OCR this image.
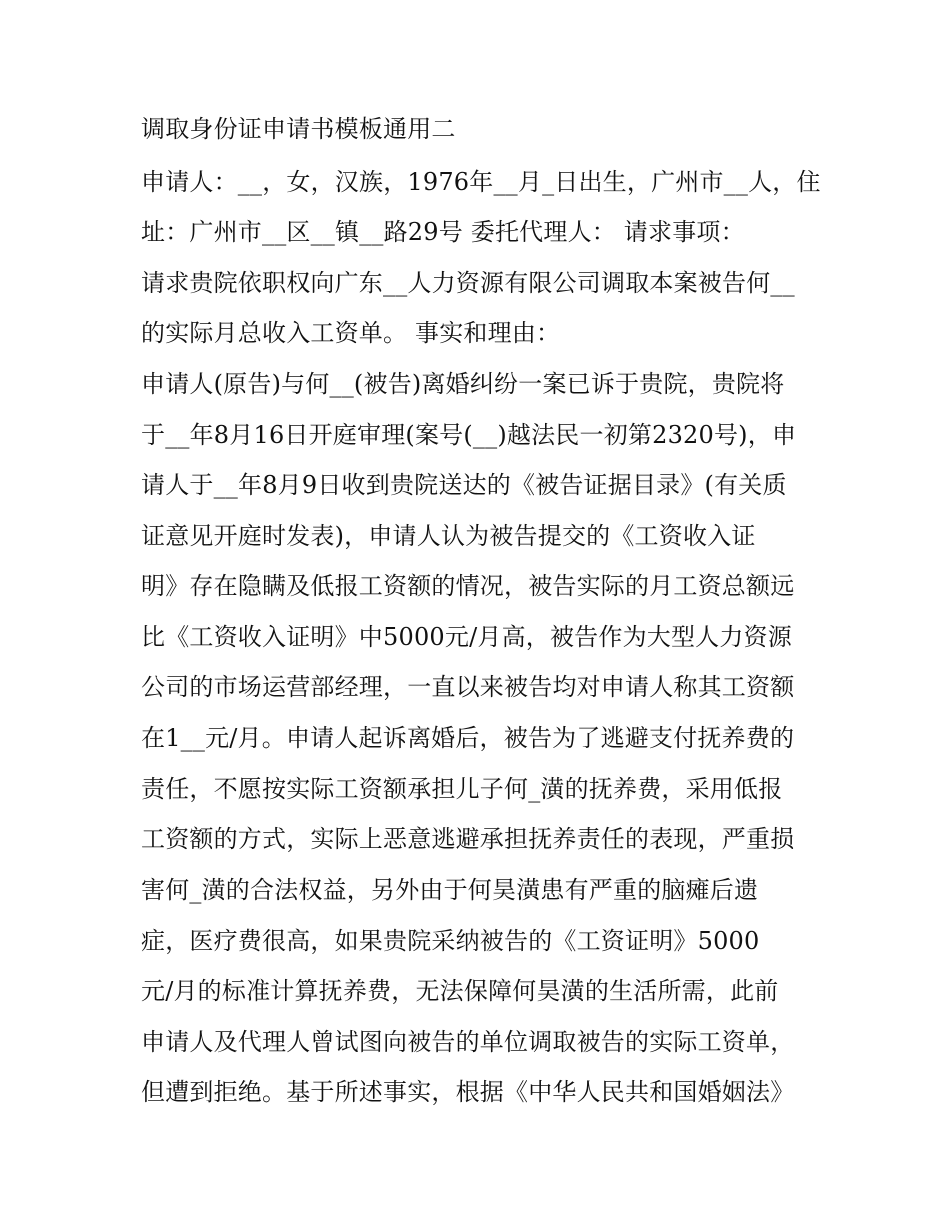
调取身份证申请书模板通用二
申请人：__，女，汉族，1976年__月_日出生，广州市__人，住
址：广州市__区__镇__路29号 委托代理人： 请求事项：
请求贵院依职权向广东__人力资源有限公司调取本案被告何__
的实际月总收入工资单。 事实和理由：
申请人(原告)与何__(被告)离婚纠纷一案已诉于贵院，贵院将
于__年8月16日开庭审理(案号(__)越法民一初第2320号)，申
请人于__年8月9日收到贵院送达的《被告证据目录》(有关质
证意见开庭时发表)，申请人认为被告提交的《工资收入证
明》存在隐瞒及低报工资额的情况，被告实际的月工资总额远
比《工资收入证明》中5000元/月高，被告作为大型人力资源
公司的市场运营部经理，一直以来被告均对申请人称其工资额
在1__元/月。申请人起诉离婚后，被告为了逃避支付抚养费的
责任，不愿按实际工资额承担儿子何_潢的抚养费，采用低报
工资额的方式，实际上恶意逃避承担抚养责任的表现，严重损
害何_潢的合法权益，另外由于何昊潢患有严重的脑瘫后遗
症，医疗费很高，如果贵院采纳被告的《工资证明》5000
元/月的标准计算抚养费，无法保障何昊潢的生活所需，此前
申请人及代理人曾试图向被告的单位调取被告的实际工资单，
但遭到拒绝。基于所述事实，根据《中华人民共和国婚姻法》
